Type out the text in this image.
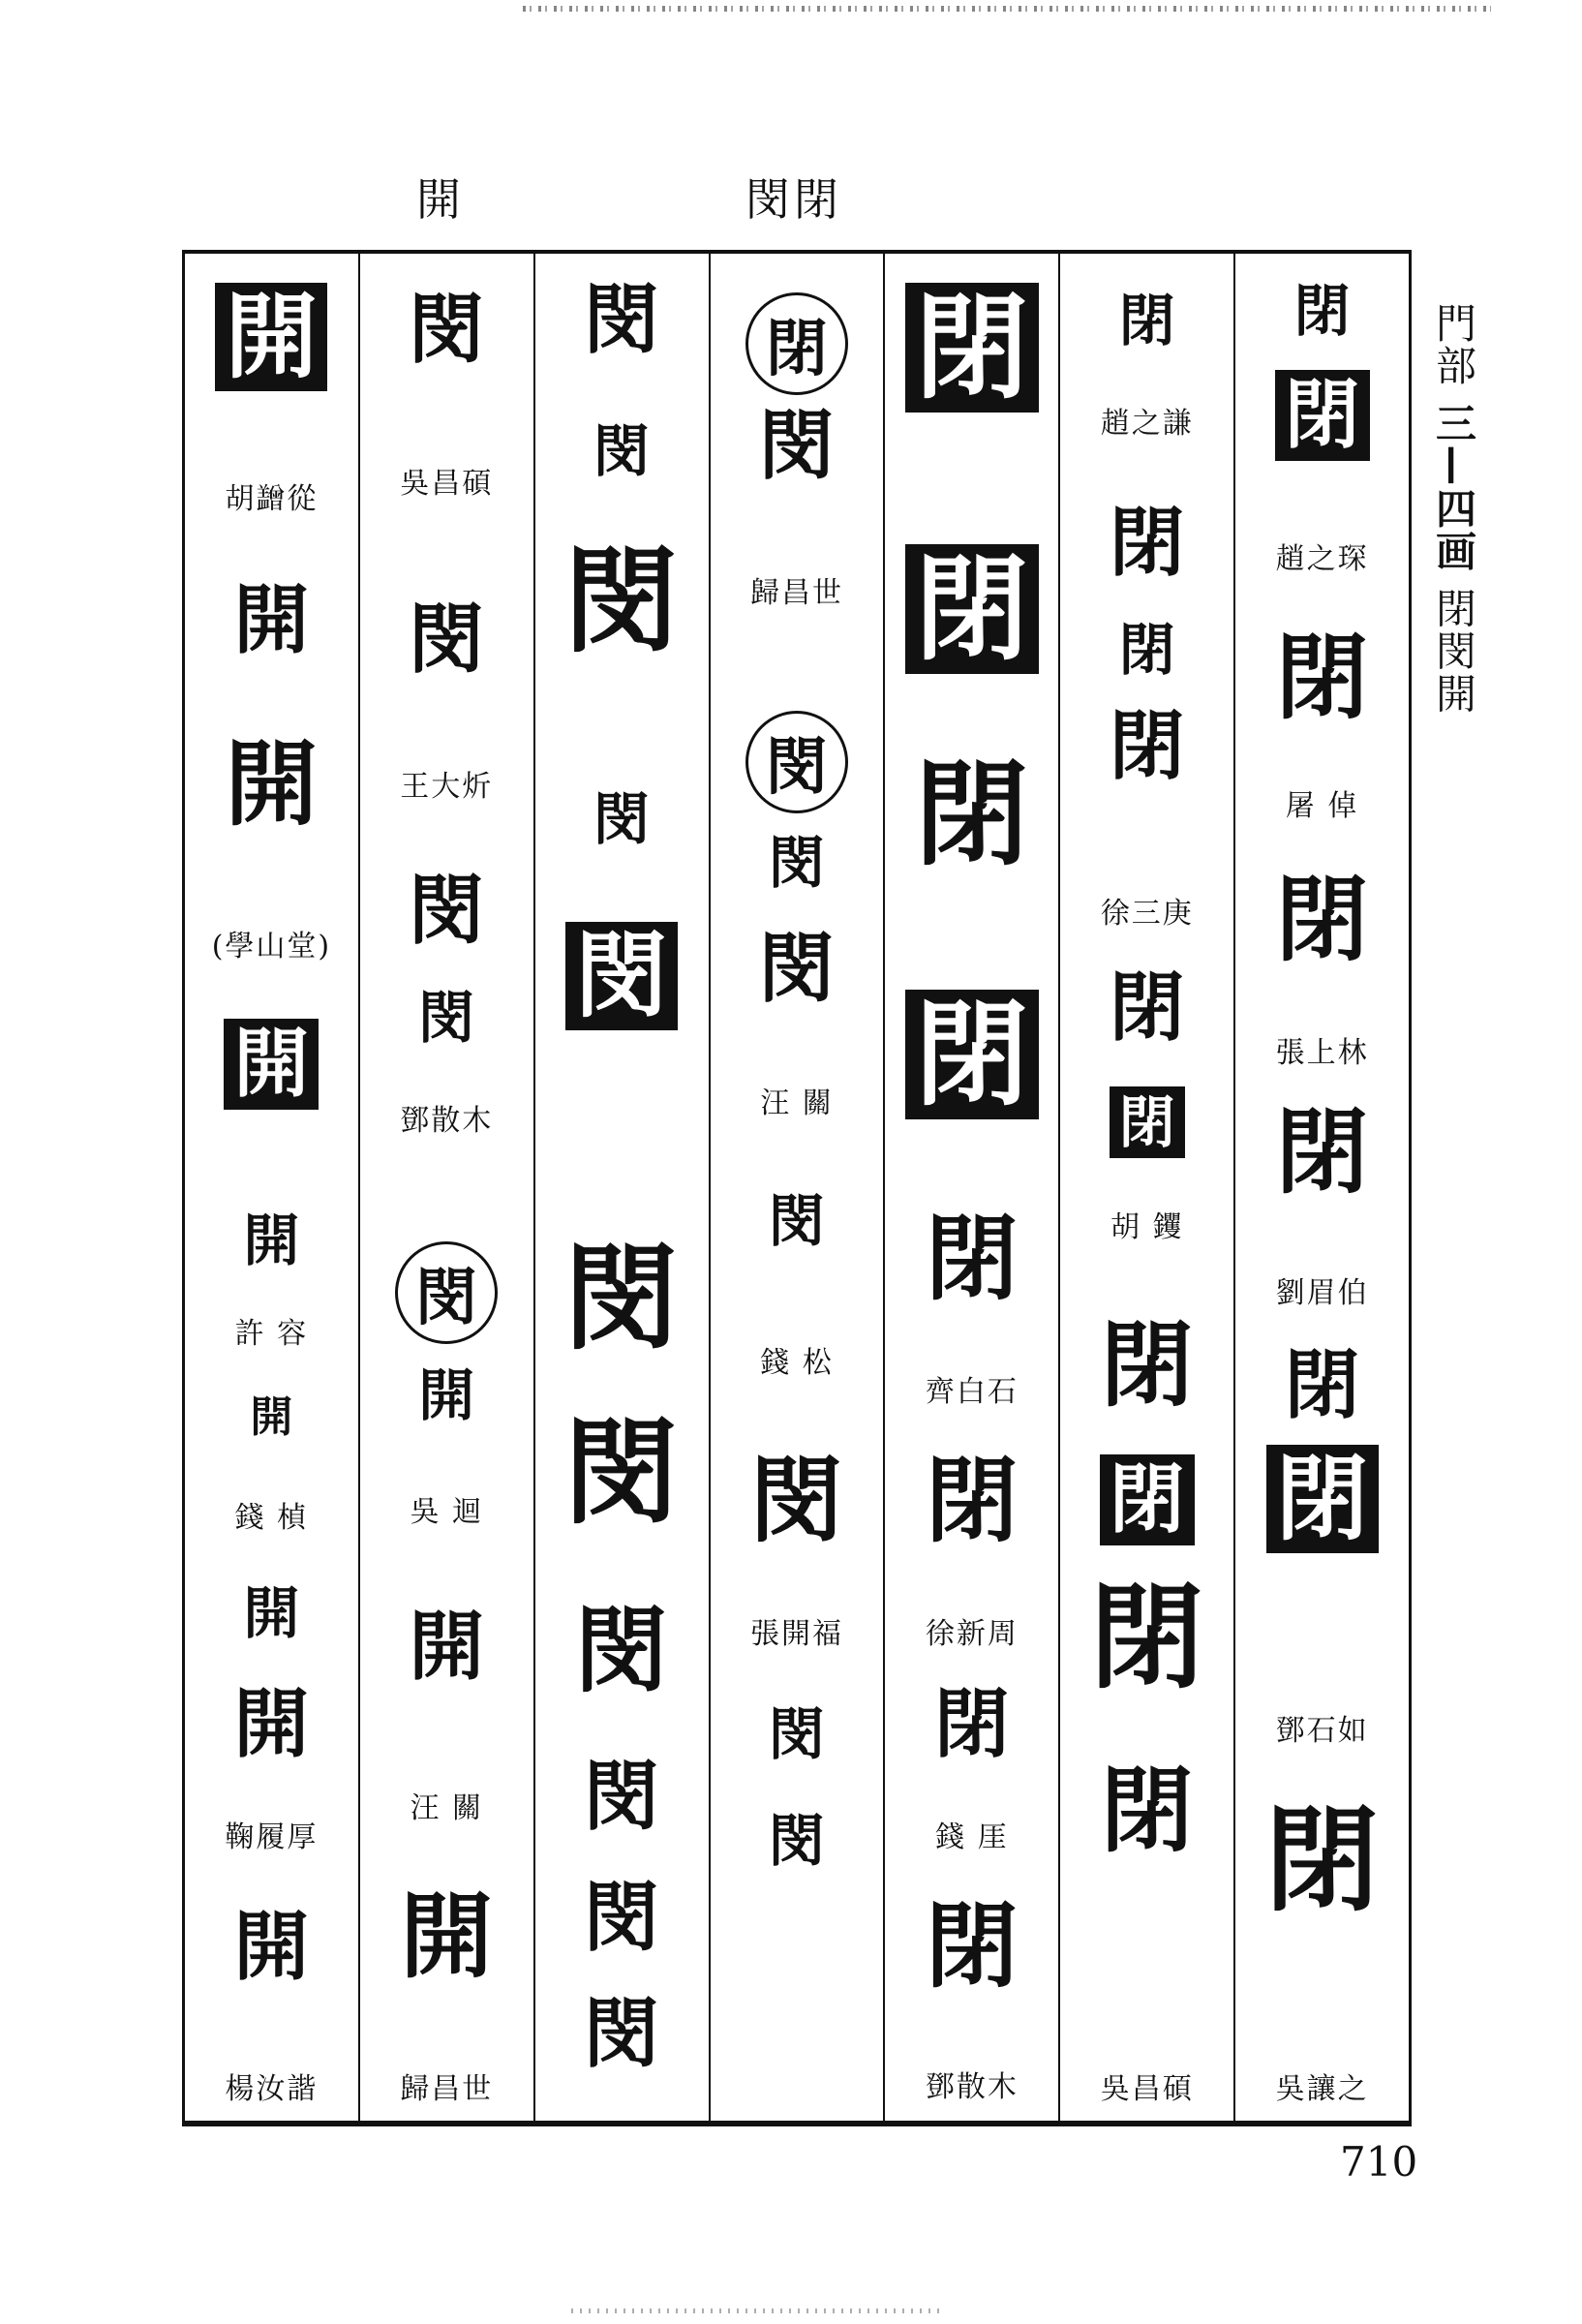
開	閔閉
開
胡𥃙從
開
開
(學山堂)
開
開
許 容
開
錢 楨
開
開
鞠履厚
開
楊汝諧
閔
吳昌碩
閔
王大炘
閔
閔
鄧散木
閔
開
吳 迴
開
汪 關
開
歸昌世
閔
閔
閔
閔
閔
閔
閔
閔
閔
閔
閔
閉
閔
歸昌世
閔
閔
閔
汪 關
閔
錢 松
閔
張開福
閔
閔
閉
閉
閉
閉
閉
齊白石
閉
徐新周
閉
錢 厓
閉
鄧散木
閉
趙之謙
閉
閉
閉
徐三庚
閉
閉
胡 钁
閉
閉
閉
閉
吳昌碩
閉
閉
趙之琛
閉
屠 倬
閉
張上林
閉
劉眉伯
閉
閉
鄧石如
閉
吳讓之
門部 三—四画 閉閔開
710
